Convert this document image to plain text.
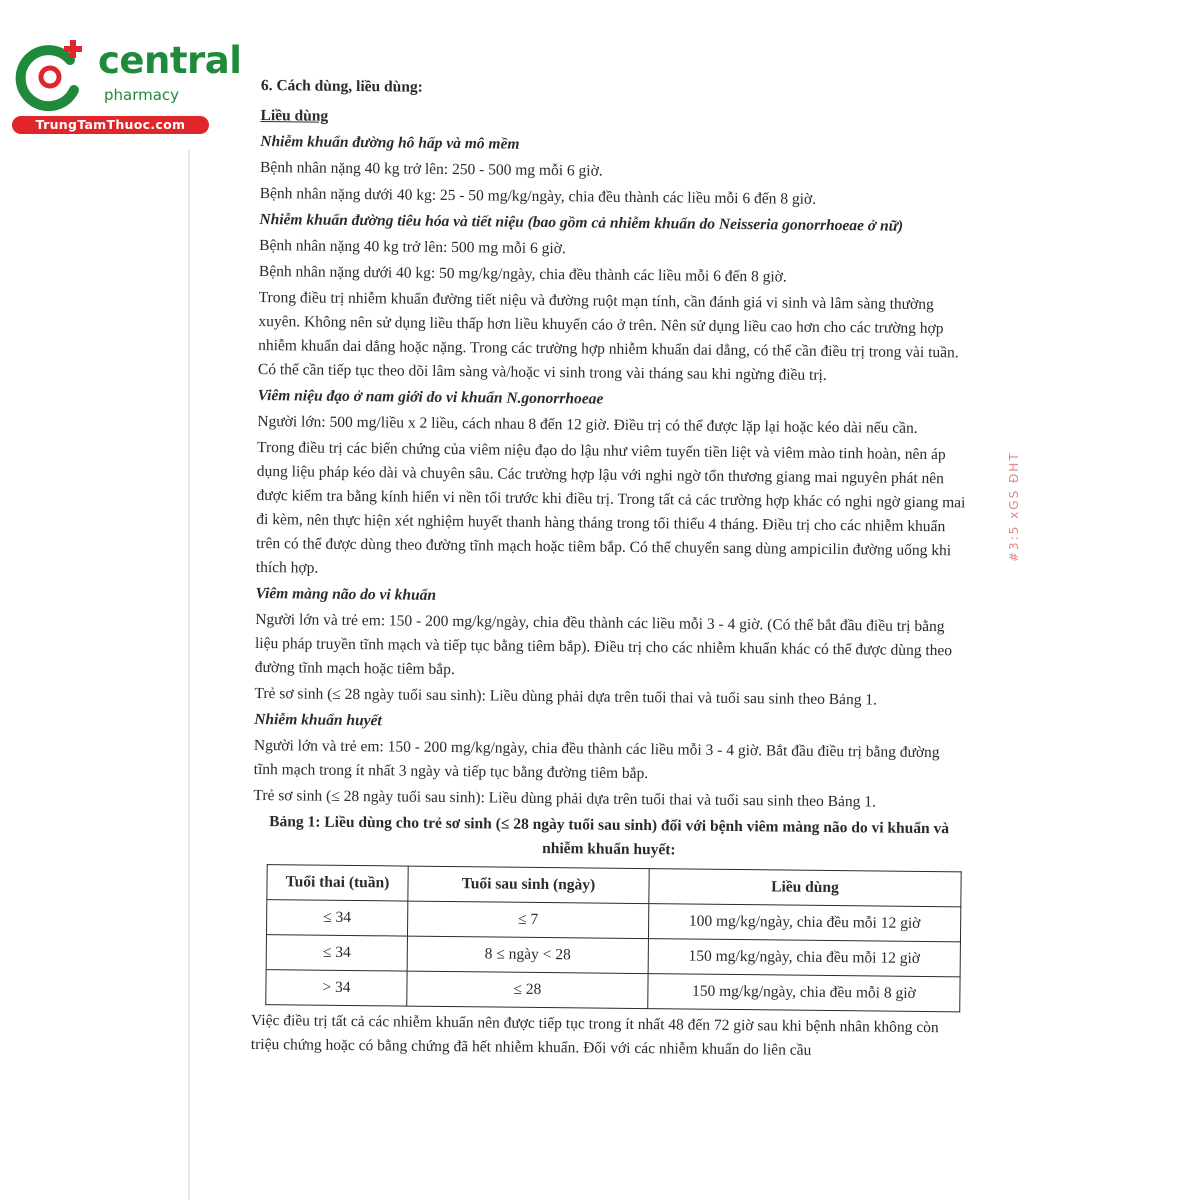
central
pharmacy
TrungTamThuoc.com
#3:5 xGS ĐHT

6. Cách dùng, liều dùng:

Liều dùng

Nhiễm khuẩn đường hô hấp và mô mềm

Bệnh nhân nặng 40 kg trở lên: 250 - 500 mg mỗi 6 giờ.

Bệnh nhân nặng dưới 40 kg: 25 - 50 mg/kg/ngày, chia đều thành các liều mỗi 6 đến 8 giờ.

Nhiễm khuẩn đường tiêu hóa và tiết niệu (bao gồm cả nhiễm khuẩn do Neisseria gonorrhoeae ở nữ)

Bệnh nhân nặng 40 kg trở lên: 500 mg mỗi 6 giờ.

Bệnh nhân nặng dưới 40 kg: 50 mg/kg/ngày, chia đều thành các liều mỗi 6 đến 8 giờ.

Trong điều trị nhiễm khuẩn đường tiết niệu và đường ruột mạn tính, cần đánh giá vi sinh và lâm sàng thường xuyên. Không nên sử dụng liều thấp hơn liều khuyến cáo ở trên. Nên sử dụng liều cao hơn cho các trường hợp nhiễm khuẩn dai dẳng hoặc nặng. Trong các trường hợp nhiễm khuẩn dai dẳng, có thể cần điều trị trong vài tuần. Có thể cần tiếp tục theo dõi lâm sàng và/hoặc vi sinh trong vài tháng sau khi ngừng điều trị.

Viêm niệu đạo ở nam giới do vi khuẩn N.gonorrhoeae

Người lớn: 500 mg/liều x 2 liều, cách nhau 8 đến 12 giờ. Điều trị có thể được lặp lại hoặc kéo dài nếu cần.

Trong điều trị các biến chứng của viêm niệu đạo do lậu như viêm tuyến tiền liệt và viêm mào tinh hoàn, nên áp dụng liệu pháp kéo dài và chuyên sâu. Các trường hợp lậu với nghi ngờ tổn thương giang mai nguyên phát nên được kiểm tra bằng kính hiển vi nền tối trước khi điều trị. Trong tất cả các trường hợp khác có nghi ngờ giang mai đi kèm, nên thực hiện xét nghiệm huyết thanh hàng tháng trong tối thiểu 4 tháng. Điều trị cho các nhiễm khuẩn trên có thể được dùng theo đường tĩnh mạch hoặc tiêm bắp. Có thể chuyển sang dùng ampicilin đường uống khi thích hợp.

Viêm màng não do vi khuẩn

Người lớn và trẻ em: 150 - 200 mg/kg/ngày, chia đều thành các liều mỗi 3 - 4 giờ. (Có thể bắt đầu điều trị bằng liệu pháp truyền tĩnh mạch và tiếp tục bằng tiêm bắp). Điều trị cho các nhiễm khuẩn khác có thể được dùng theo đường tĩnh mạch hoặc tiêm bắp.

Trẻ sơ sinh (≤ 28 ngày tuổi sau sinh): Liều dùng phải dựa trên tuổi thai và tuổi sau sinh theo Bảng 1.

Nhiễm khuẩn huyết

Người lớn và trẻ em: 150 - 200 mg/kg/ngày, chia đều thành các liều mỗi 3 - 4 giờ. Bắt đầu điều trị bằng đường tĩnh mạch trong ít nhất 3 ngày và tiếp tục bằng đường tiêm bắp.

Trẻ sơ sinh (≤ 28 ngày tuổi sau sinh): Liều dùng phải dựa trên tuổi thai và tuổi sau sinh theo Bảng 1.

Bảng 1: Liều dùng cho trẻ sơ sinh (≤ 28 ngày tuổi sau sinh) đối với bệnh viêm màng não do vi khuẩn và nhiễm khuẩn huyết:

Tuổi thai (tuần)	Tuổi sau sinh (ngày)	Liều dùng
≤ 34	≤ 7	100 mg/kg/ngày, chia đều mỗi 12 giờ
≤ 34	8 ≤ ngày < 28	150 mg/kg/ngày, chia đều mỗi 12 giờ
> 34	≤ 28	150 mg/kg/ngày, chia đều mỗi 8 giờ

Việc điều trị tất cả các nhiễm khuẩn nên được tiếp tục trong ít nhất 48 đến 72 giờ sau khi bệnh nhân không còn triệu chứng hoặc có bằng chứng đã hết nhiễm khuẩn. Đối với các nhiễm khuẩn do liên cầu
